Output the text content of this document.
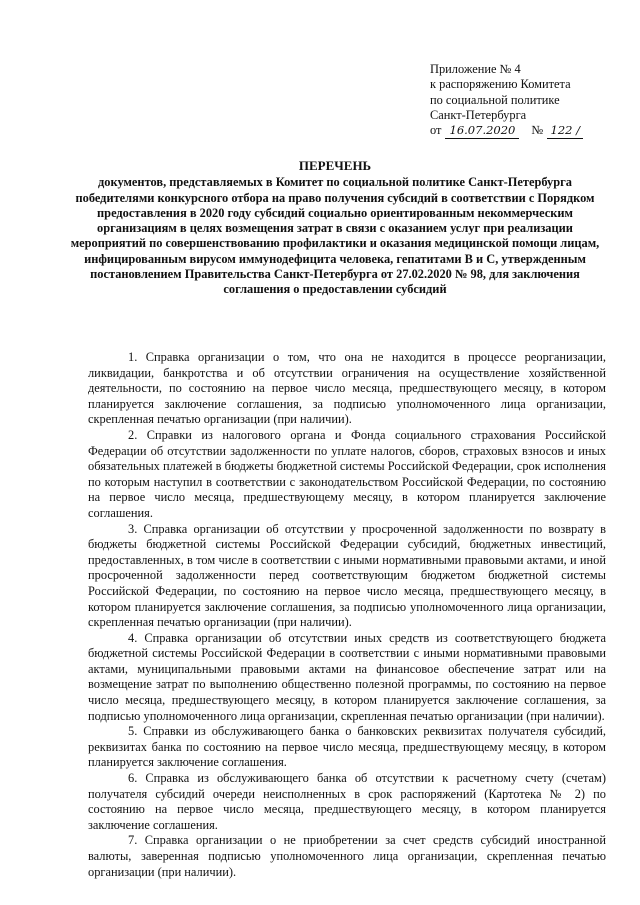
Приложение № 4
к распоряжению Комитета
по социальной политике
Санкт-Петербурга
от 16.07.2020	№ 122 /
ПЕРЕЧЕНЬ
документов, представляемых в Комитет по социальной политике Санкт-Петербурга победителями конкурсного отбора на право получения субсидий в соответствии с Порядком предоставления в 2020 году субсидий социально ориентированным некоммерческим организациям в целях возмещения затрат в связи с оказанием услуг при реализации мероприятий по совершенствованию профилактики и оказания медицинской помощи лицам, инфицированным вирусом иммунодефицита человека, гепатитами B и C, утвержденным постановлением Правительства Санкт-Петербурга от 27.02.2020 № 98, для заключения соглашения о предоставлении субсидий

1. Справка организации о том, что она не находится в процессе реорганизации, ликвидации, банкротства и об отсутствии ограничения на осуществление хозяйственной деятельности, по состоянию на первое число месяца, предшествующего месяцу, в котором планируется заключение соглашения, за подписью уполномоченного лица организации, скрепленная печатью организации (при наличии).

2. Справки из налогового органа и Фонда социального страхования Российской Федерации об отсутствии задолженности по уплате налогов, сборов, страховых взносов и иных обязательных платежей в бюджеты бюджетной системы Российской Федерации, срок исполнения по которым наступил в соответствии с законодательством Российской Федерации, по состоянию на первое число месяца, предшествующему месяцу, в котором планируется заключение соглашения.

3. Справка организации об отсутствии у просроченной задолженности по возврату в бюджеты бюджетной системы Российской Федерации субсидий, бюджетных инвестиций, предоставленных, в том числе в соответствии с иными нормативными правовыми актами, и иной просроченной задолженности перед соответствующим бюджетом бюджетной системы Российской Федерации, по состоянию на первое число месяца, предшествующего месяцу, в котором планируется заключение соглашения, за подписью уполномоченного лица организации, скрепленная печатью организации (при наличии).

4. Справка организации об отсутствии иных средств из соответствующего бюджета бюджетной системы Российской Федерации в соответствии с иными нормативными правовыми актами, муниципальными правовыми актами на финансовое обеспечение затрат или на возмещение затрат по выполнению общественно полезной программы, по состоянию на первое число месяца, предшествующего месяцу, в котором планируется заключение соглашения, за подписью уполномоченного лица организации, скрепленная печатью организации (при наличии).

5. Справки из обслуживающего банка о банковских реквизитах получателя субсидий, реквизитах банка по состоянию на первое число месяца, предшествующему месяцу, в котором планируется заключение соглашения.

6. Справка из обслуживающего банка об отсутствии к расчетному счету (счетам) получателя субсидий очереди неисполненных в срок распоряжений (Картотека № 2) по состоянию на первое число месяца, предшествующего месяцу, в котором планируется заключение соглашения.

7. Справка организации о не приобретении за счет средств субсидий иностранной валюты, заверенная подписью уполномоченного лица организации, скрепленная печатью организации (при наличии).
